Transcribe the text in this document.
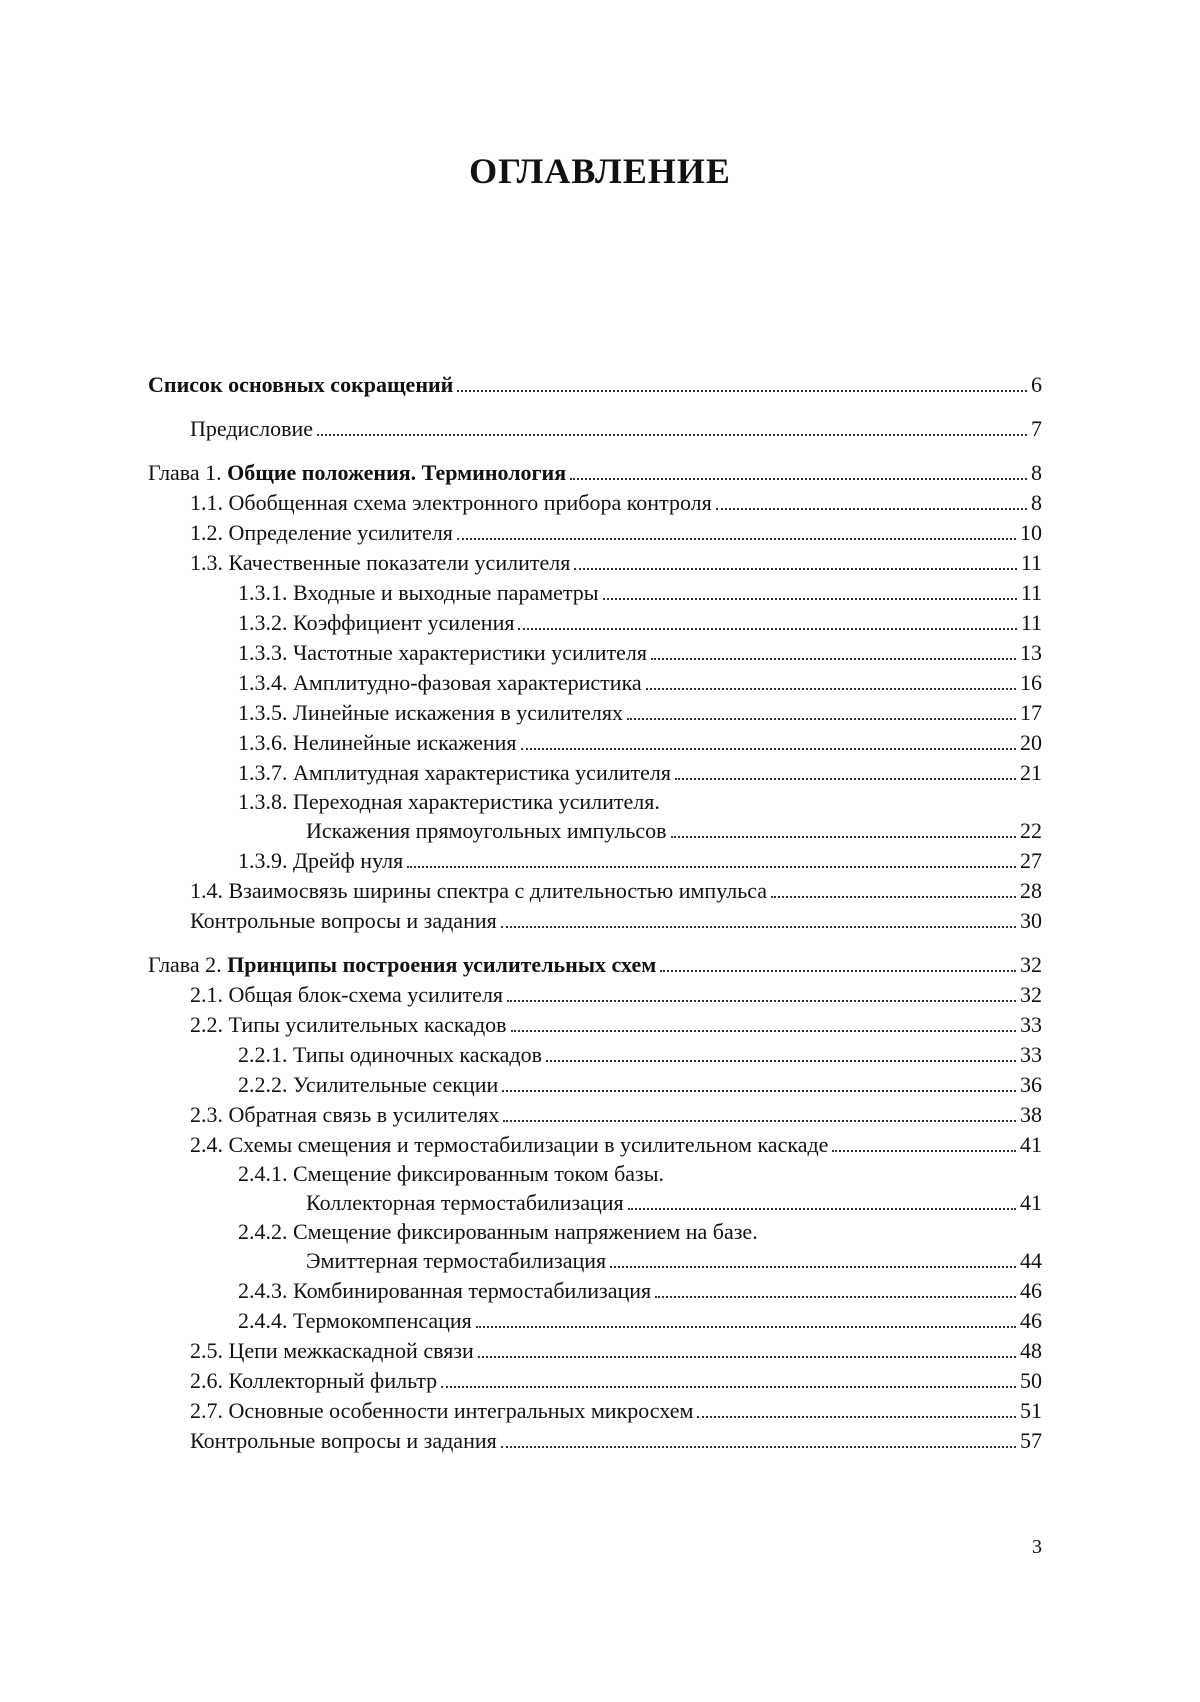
ОГЛАВЛЕНИЕ
Список основных сокращений	6
Предисловие	7
Глава 1. Общие положения. Терминология	8
1.1. Обобщенная схема электронного прибора контроля	8
1.2. Определение усилителя	10
1.3. Качественные показатели усилителя	11
1.3.1. Входные и выходные параметры	11
1.3.2. Коэффициент усиления	11
1.3.3. Частотные характеристики усилителя	13
1.3.4. Амплитудно-фазовая характеристика	16
1.3.5. Линейные искажения в усилителях	17
1.3.6. Нелинейные искажения	20
1.3.7. Амплитудная характеристика усилителя	21
1.3.8. Переходная характеристика усилителя.
Искажения прямоугольных импульсов	22
1.3.9. Дрейф нуля	27
1.4. Взаимосвязь ширины спектра с длительностью импульса	28
Контрольные вопросы и задания	30
Глава 2. Принципы построения усилительных схем	32
2.1. Общая блок-схема усилителя	32
2.2. Типы усилительных каскадов	33
2.2.1. Типы одиночных каскадов	33
2.2.2. Усилительные секции	36
2.3. Обратная связь в усилителях	38
2.4. Схемы смещения и термостабилизации в усилительном каскаде	41
2.4.1. Смещение фиксированным током базы.
Коллекторная термостабилизация	41
2.4.2. Смещение фиксированным напряжением на базе.
Эмиттерная термостабилизация	44
2.4.3. Комбинированная термостабилизация	46
2.4.4. Термокомпенсация	46
2.5. Цепи межкаскадной связи	48
2.6. Коллекторный фильтр	50
2.7. Основные особенности интегральных микросхем	51
Контрольные вопросы и задания	57
3
